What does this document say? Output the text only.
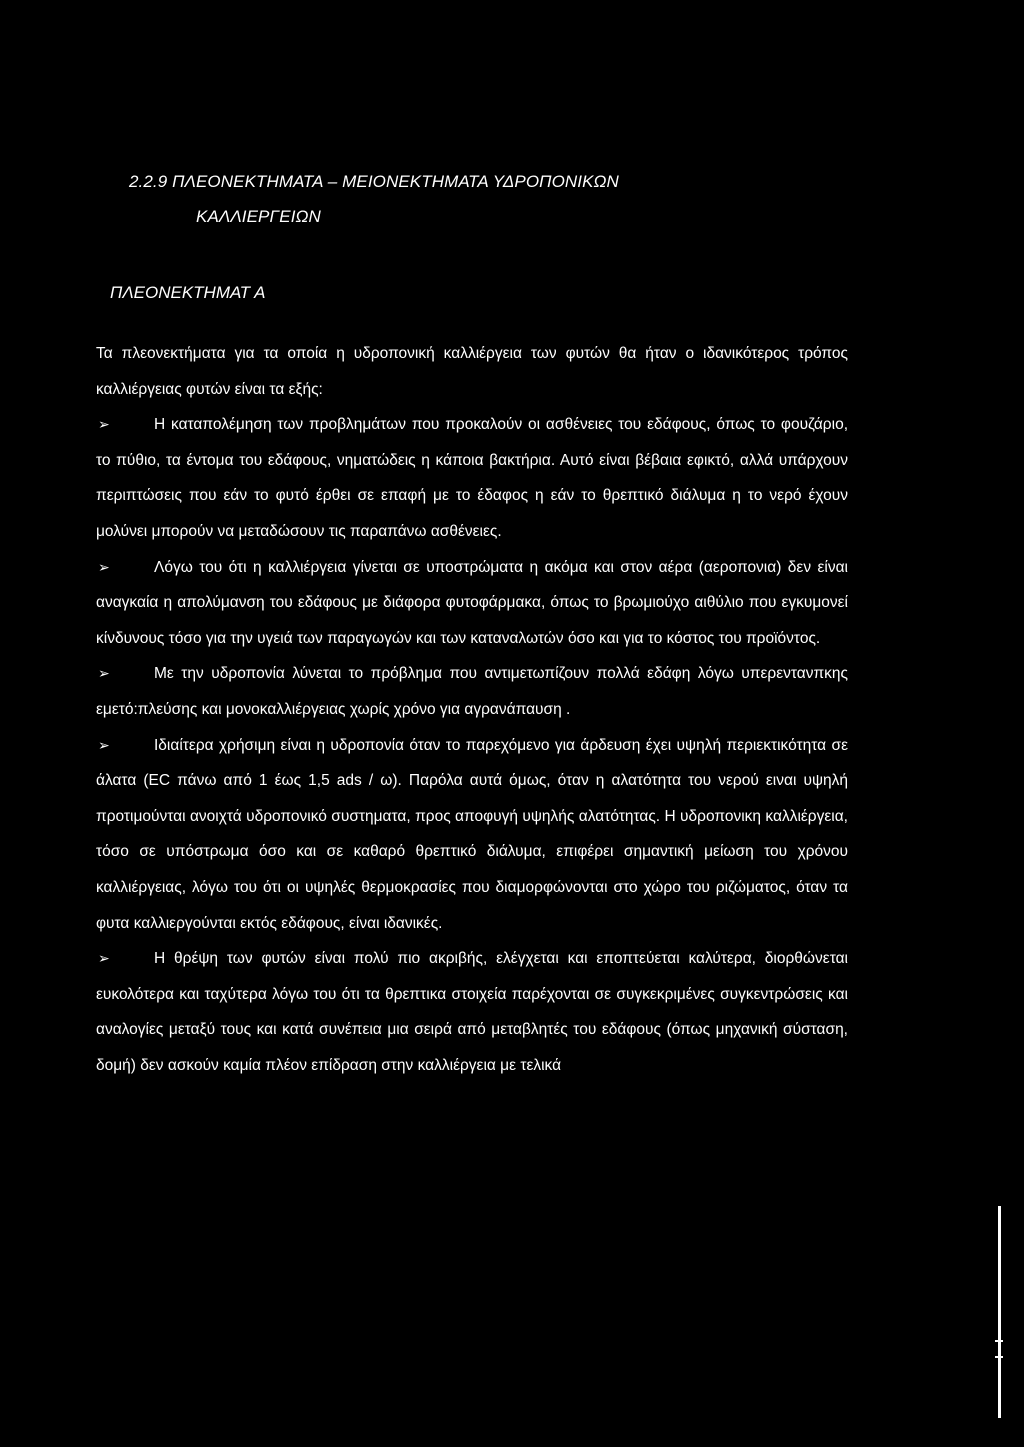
2.2.9 ΠΛΕΟΝΕΚΤΗΜΑΤΑ – ΜΕΙΟΝΕΚΤΗΜΑΤΑ ΥΔΡΟΠΟΝΙΚΩΝ
ΚΑΛΛΙΕΡΓΕΙΩΝ
ΠΛΕΟΝΕΚΤΗΜΑΤ Α

Τα πλεονεκτήματα για τα οποία η υδροπονική καλλιέργεια των φυτών θα ήταν ο ιδανικότερος τρόπος καλλιέργειας φυτών είναι τα εξής:

➢	Η καταπολέμηση των προβλημάτων που προκαλούν οι ασθένειες του εδάφους, όπως το φουζάριο, το πύθιο, τα έντομα του εδάφους, νηματώδεις η κάποια βακτήρια. Αυτό είναι βέβαια εφικτό, αλλά υπάρχουν περιπτώσεις που εάν το φυτό έρθει σε επαφή με το έδαφος η εάν το θρεπτικό διάλυμα η το νερό έχουν μολύνει μπορούν να μεταδώσουν τις παραπάνω ασθένειες.

➢	Λόγω του ότι η καλλιέργεια γίνεται σε υποστρώματα η ακόμα και στον αέρα (αεροπονια) δεν είναι αναγκαία η απολύμανση του εδάφους με διάφορα φυτοφάρμακα, όπως το βρωμιούχο αιθύλιο που εγκυμονεί κίνδυνους τόσο για την υγειά των παραγωγών και των καταναλωτών όσο και για το κόστος του προϊόντος.

➢	Με την υδροπονία λύνεται το πρόβλημα που αντιμετωπίζουν πολλά εδάφη λόγω υπερεντανπκης εμετό:πλεύσης και μονοκαλλιέργειας χωρίς χρόνο για αγρανάπαυση .

➢	Ιδιαίτερα χρήσιμη είναι η υδροπονία όταν το παρεχόμενο για άρδευση έχει υψηλή περιεκτικότητα σε άλατα (ΕC πάνω από 1 έως 1,5 ads / ω). Παρόλα αυτά όμως, όταν η αλατότητα του νερού ειναι υψηλή προτιμούνται ανοιχτά υδροπονικό συστηματα, προς αποφυγή υψηλής αλατότητας. Η υδροπονικη καλλιέργεια, τόσο σε υπόστρωμα όσο και σε καθαρό θρεπτικό διάλυμα, επιφέρει σημαντική μείωση του χρόνου καλλιέργειας, λόγω του ότι οι υψηλές θερμοκρασίες που διαμορφώνονται στο χώρο του ριζώματος, όταν τα φυτα καλλιεργούνται εκτός εδάφους, είναι ιδανικές.

➢	Η θρέψη των φυτών είναι πολύ πιο ακριβής, ελέγχεται και εποπτεύεται καλύτερα, διορθώνεται ευκολότερα και ταχύτερα λόγω του ότι τα θρεπτικα στοιχεία παρέχονται σε συγκεκριμένες συγκεντρώσεις και αναλογίες μεταξύ τους και κατά συνέπεια μια σειρά από μεταβλητές του εδάφους (όπως μηχανική σύσταση, δομή) δεν ασκούν καμία πλέον επίδραση στην καλλιέργεια με τελικά
